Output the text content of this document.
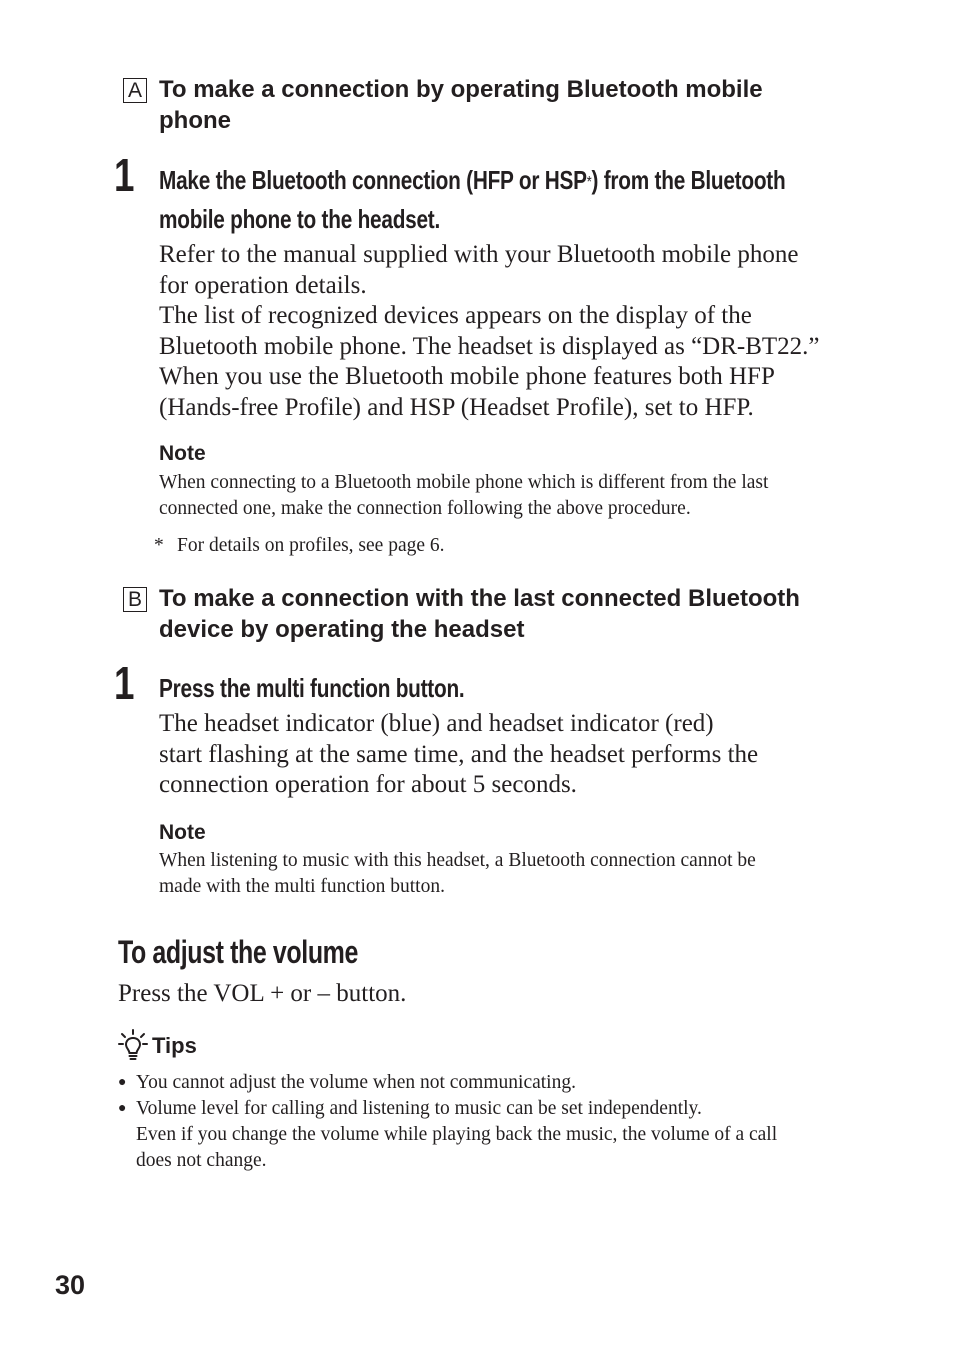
A To make a connection by operating Bluetooth mobile
phone
1 Make the Bluetooth connection (HFP or HSP*) from the Bluetooth
mobile phone to the headset.

Refer to the manual supplied with your Bluetooth mobile phone

for operation details.

The list of recognized devices appears on the display of the

Bluetooth mobile phone. The headset is displayed as “DR-BT22.”

When you use the Bluetooth mobile phone features both HFP

(Hands-free Profile) and HSP (Headset Profile), set to HFP.

Note
When connecting to a Bluetooth mobile phone which is different from the last
connected one, make the connection following the above procedure.
* For details on profiles, see page 6.
B To make a connection with the last connected Bluetooth
device by operating the headset
1 Press the multi function button.

The headset indicator (blue) and headset indicator (red)

start flashing at the same time, and the headset performs the

connection operation for about 5 seconds.

Note
When listening to music with this headset, a Bluetooth connection cannot be
made with the multi function button.
To adjust the volume
Press the VOL + or – button.
Tips
● You cannot adjust the volume when not communicating.
● Volume level for calling and listening to music can be set independently.
Even if you change the volume while playing back the music, the volume of a call
does not change.
30
